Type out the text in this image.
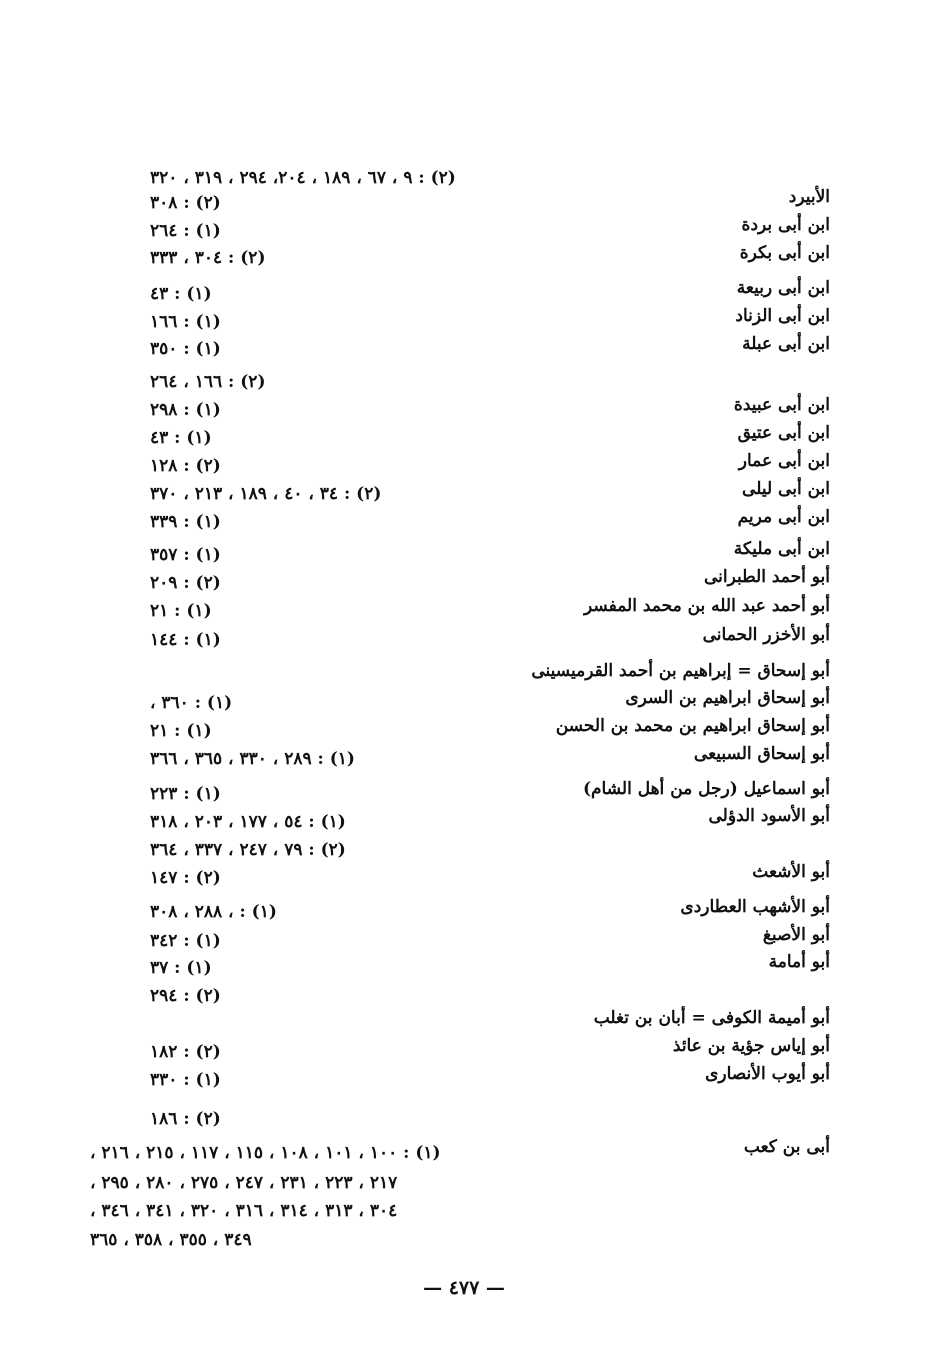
(٢) : ٩ ، ٦٧ ، ١٨٩ ، ٢٠٤، ٢٩٤ ، ٣١٩ ، ٣٢٠
الأبيرد
(٢) : ٣٠٨
ابن أبى بردة
(١) : ٢٦٤
ابن أبى بكرة
(٢) : ٣٠٤ ، ٣٣٣
ابن أبى ربيعة
(١) : ٤٣
ابن أبى الزناد
(١) : ١٦٦
ابن أبى عبلة
(١) : ٣٥٠
(٢) : ١٦٦ ، ٢٦٤
ابن أبى عبيدة
(١) : ٢٩٨
ابن أبى عتيق
(١) : ٤٣
ابن أبى عمار
(٢) : ١٢٨
ابن أبى ليلى
(٢) : ٣٤ ، ٤٠ ، ١٨٩ ، ٢١٣ ، ٣٧٠
ابن أبى مريم
(١) : ٣٣٩
ابن أبى مليكة
(١) : ٣٥٧
أبو أحمد الطبرانى
(٢) : ٢٠٩
أبو أحمد عبد الله بن محمد المفسر
(١) : ٢١
أبو الأخزر الحمانى
(١) : ١٤٤
أبو إسحاق = إبراهيم بن أحمد القرميسينى
أبو إسحاق ابراهيم بن السرى
(١) : ٣٦٠ ،
أبو إسحاق ابراهيم بن محمد بن الحسن
(١) : ٢١
أبو إسحاق السبيعى
(١) : ٢٨٩ ، ٣٣٠ ، ٣٦٥ ، ٣٦٦
أبو اسماعيل (رجل من أهل الشام)
(١) : ٢٢٣
أبو الأسود الدؤلى
(١) : ٥٤ ، ١٧٧ ، ٢٠٣ ، ٣١٨
(٢) : ٧٩ ، ٢٤٧ ، ٣٣٧ ، ٣٦٤
أبو الأشعث
(٢) : ١٤٧
أبو الأشهب العطاردى
(١) : ، ٢٨٨ ، ٣٠٨
أبو الأصبغ
(١) : ٣٤٢
أبو أمامة
(١) : ٣٧
(٢) : ٢٩٤
أبو أميمة الكوفى = أبان بن تغلب
أبو إياس جؤية بن عائذ
(٢) : ١٨٢
أبو أيوب الأنصارى
(١) : ٣٣٠
(٢) : ١٨٦
أبى بن كعب
(١) : ١٠٠ ، ١٠١ ، ١٠٨ ، ١١٥ ، ١١٧ ، ٢١٥ ، ٢١٦ ،
٢١٧ ، ٢٢٣ ، ٢٣١ ، ٢٤٧ ، ٢٧٥ ، ٢٨٠ ، ٢٩٥ ،
٣٠٤ ، ٣١٣ ، ٣١٤ ، ٣١٦ ، ٣٢٠ ، ٣٤١ ، ٣٤٦ ،
٣٤٩ ، ٣٥٥ ، ٣٥٨ ، ٣٦٥
— ٤٧٧ —
